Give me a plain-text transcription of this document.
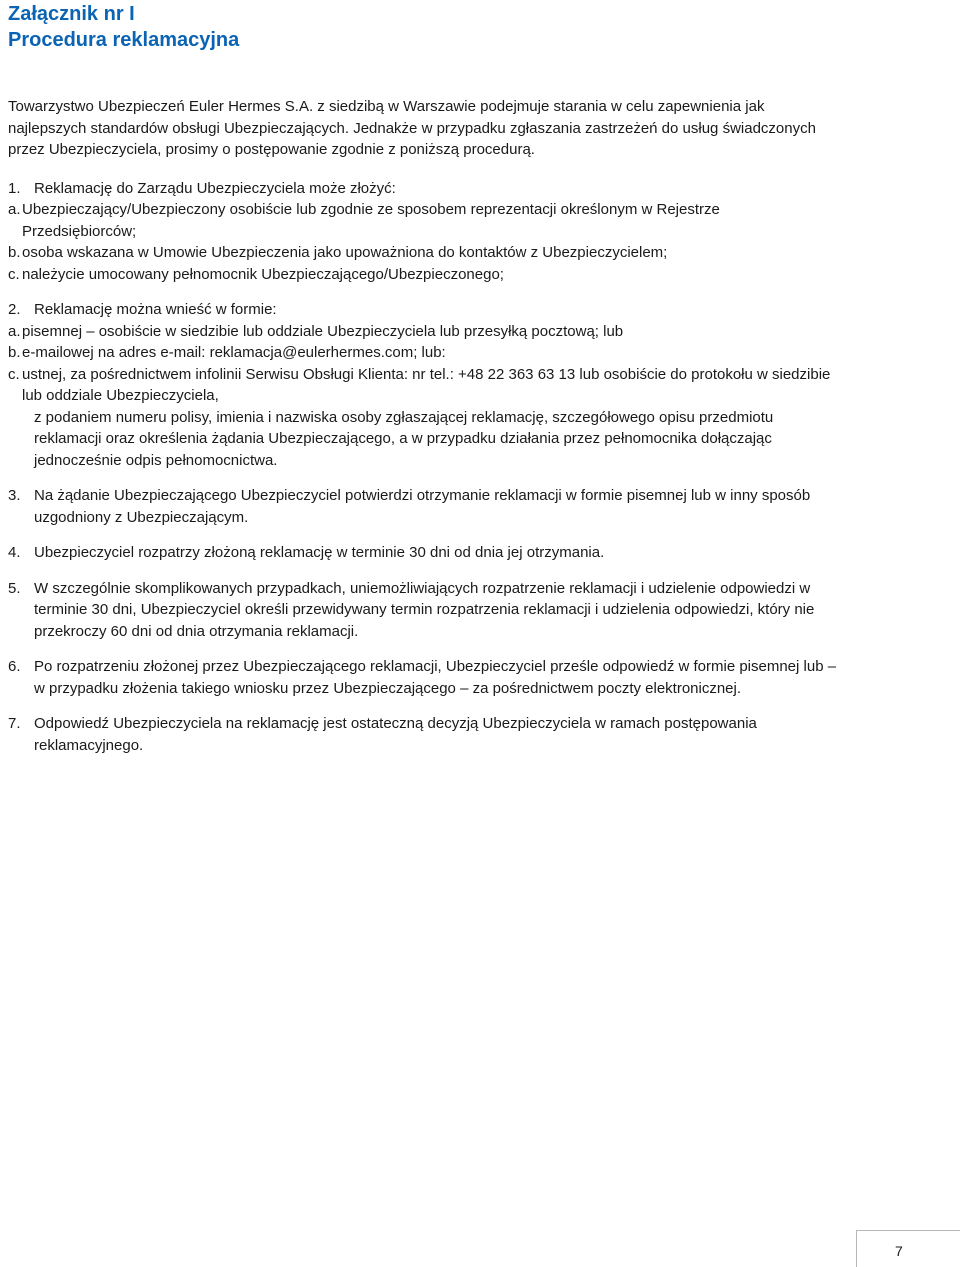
Załącznik nr I
Procedura reklamacyjna

Towarzystwo Ubezpieczeń Euler Hermes S.A. z siedzibą w Warszawie podejmuje starania w celu zapewnienia jak najlepszych standardów obsługi Ubezpieczających. Jednakże w przypadku zgłaszania zastrzeżeń do usług świadczonych przez Ubezpieczyciela, prosimy o postępowanie zgodnie z poniższą procedurą.

1. Reklamację do Zarządu Ubezpieczyciela może złożyć:
a. Ubezpieczający/Ubezpieczony osobiście lub zgodnie ze sposobem reprezentacji określonym w Rejestrze Przedsiębiorców;
b. osoba wskazana w Umowie Ubezpieczenia jako upoważniona do kontaktów z Ubezpieczycielem;
c. należycie umocowany pełnomocnik Ubezpieczającego/Ubezpieczonego;
2. Reklamację można wnieść w formie:
a. pisemnej – osobiście w siedzibie lub oddziale Ubezpieczyciela lub przesyłką pocztową; lub
b. e-mailowej na adres e-mail: reklamacja@eulerhermes.com; lub:
c. ustnej, za pośrednictwem infolinii Serwisu Obsługi Klienta: nr tel.: +48 22 363 63 13 lub osobiście do protokołu w siedzibie lub oddziale Ubezpieczyciela,
z podaniem numeru polisy, imienia i nazwiska osoby zgłaszającej reklamację, szczegółowego opisu przedmiotu reklamacji oraz określenia żądania Ubezpieczającego, a w przypadku działania przez pełnomocnika dołączając jednocześnie odpis pełnomocnictwa.
3. Na żądanie Ubezpieczającego Ubezpieczyciel potwierdzi otrzymanie reklamacji w formie pisemnej lub w inny sposób uzgodniony z Ubezpieczającym.
4. Ubezpieczyciel rozpatrzy złożoną reklamację w terminie 30 dni od dnia jej otrzymania.
5. W szczególnie skomplikowanych przypadkach, uniemożliwiających rozpatrzenie reklamacji i udzielenie odpowiedzi w terminie 30 dni, Ubezpieczyciel określi przewidywany termin rozpatrzenia reklamacji i udzielenia odpowiedzi, który nie przekroczy 60 dni od dnia otrzymania reklamacji.
6. Po rozpatrzeniu złożonej przez Ubezpieczającego reklamacji, Ubezpieczyciel prześle odpowiedź w formie pisemnej lub – w przypadku złożenia takiego wniosku przez Ubezpieczającego – za pośrednictwem poczty elektronicznej.
7. Odpowiedź Ubezpieczyciela na reklamację jest ostateczną decyzją Ubezpieczyciela w ramach postępowania reklamacyjnego.
7
